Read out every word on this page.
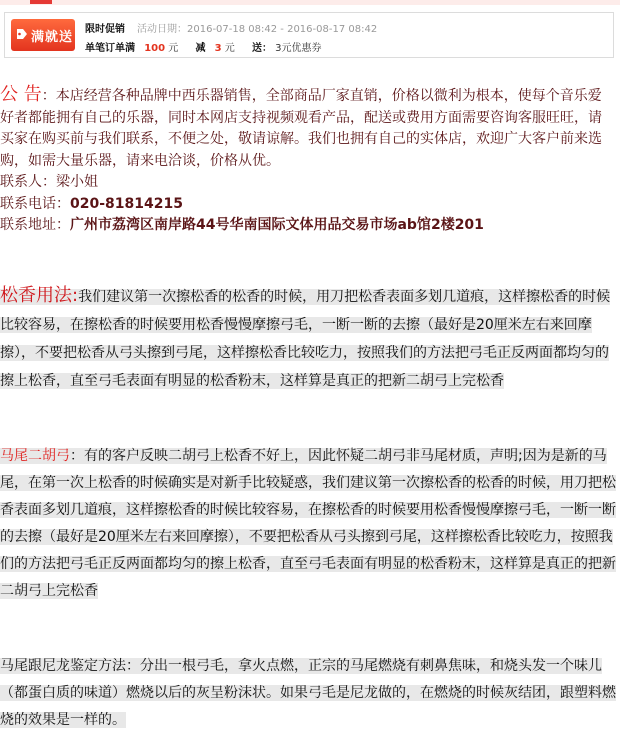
满就送
限时促销 活动日期：2016-07-18 08:42 - 2016-08-17 08:42
单笔订单满 100 元 减 3 元 送： 3元优惠券
公 告：本店经营各种品牌中西乐器销售，全部商品厂家直销，价格以微利为根本，使每个音乐爱好者都能拥有自己的乐器，同时本网店支持视频观看产品，配送或费用方面需要咨询客服旺旺，请买家在购买前与我们联系，不便之处，敬请谅解。我们也拥有自己的实体店，欢迎广大客户前来选购，如需大量乐器，请来电洽谈，价格从优。
联系人：梁小姐
联系电话：020-81814215
联系地址：广州市荔湾区南岸路44号华南国际文体用品交易市场ab馆2楼201
松香用法:我们建议第一次擦松香的松香的时候，用刀把松香表面多划几道痕，这样擦松香的时候比较容易，在擦松香的时候要用松香慢慢摩擦弓毛，一断一断的去擦（最好是20厘米左右来回摩擦），不要把松香从弓头擦到弓尾，这样擦松香比较吃力，按照我们的方法把弓毛正反两面都均匀的擦上松香，直至弓毛表面有明显的松香粉末，这样算是真正的把新二胡弓上完松香
马尾二胡弓：有的客户反映二胡弓上松香不好上，因此怀疑二胡弓非马尾材质，声明;因为是新的马尾，在第一次上松香的时候确实是对新手比较疑惑，我们建议第一次擦松香的松香的时候，用刀把松香表面多划几道痕，这样擦松香的时候比较容易，在擦松香的时候要用松香慢慢摩擦弓毛，一断一断的去擦（最好是20厘米左右来回摩擦），不要把松香从弓头擦到弓尾，这样擦松香比较吃力，按照我们的方法把弓毛正反两面都均匀的擦上松香，直至弓毛表面有明显的松香粉末，这样算是真正的把新二胡弓上完松香
马尾跟尼龙鉴定方法：分出一根弓毛，拿火点燃，正宗的马尾燃烧有刺鼻焦味，和烧头发一个味儿（都蛋白质的味道）燃烧以后的灰呈粉沫状。如果弓毛是尼龙做的，在燃烧的时候灰结团，跟塑料燃烧的效果是一样的。
